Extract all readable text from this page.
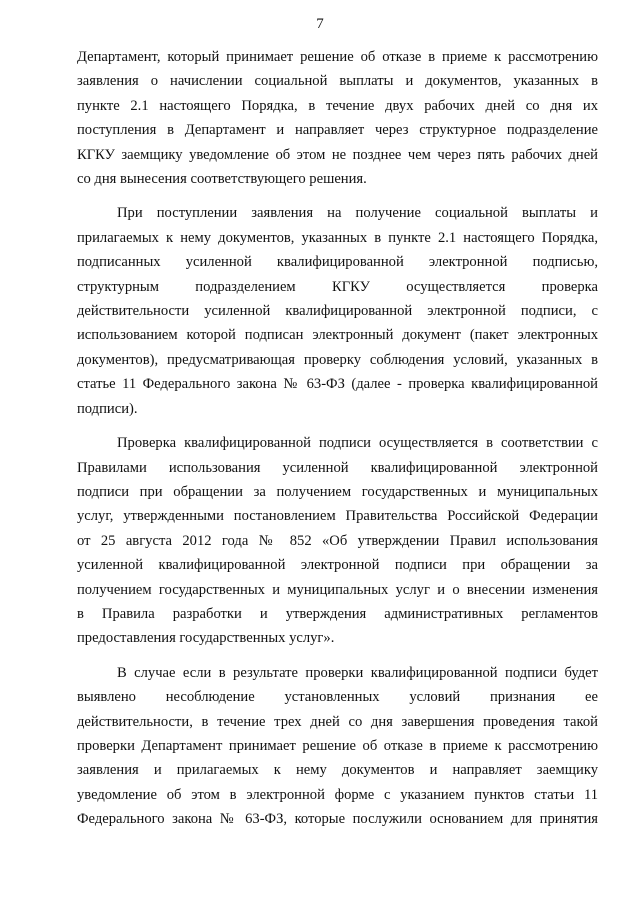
7

Департамент, который принимает решение об отказе в приеме к рассмотрению
заявления о начислении социальной выплаты и документов, указанных в
пункте 2.1 настоящего Порядка, в течение двух рабочих дней со дня их
поступления в Департамент и направляет через структурное подразделение
КГКУ заемщику уведомление об этом не позднее чем через пять рабочих дней
со дня вынесения соответствующего решения.

При поступлении заявления на получение социальной выплаты и
прилагаемых к нему документов, указанных в пункте 2.1 настоящего Порядка,
подписанных усиленной квалифицированной электронной подписью,
структурным подразделением КГКУ осуществляется проверка
действительности усиленной квалифицированной электронной подписи, с
использованием которой подписан электронный документ (пакет электронных
документов), предусматривающая проверку соблюдения условий, указанных в
статье 11 Федерального закона № 63-ФЗ (далее - проверка квалифицированной
подписи).

Проверка квалифицированной подписи осуществляется в соответствии с
Правилами использования усиленной квалифицированной электронной
подписи при обращении за получением государственных и муниципальных
услуг, утвержденными постановлением Правительства Российской Федерации
от 25 августа 2012 года № 852 «Об утверждении Правил использования
усиленной квалифицированной электронной подписи при обращении за
получением государственных и муниципальных услуг и о внесении изменения
в Правила разработки и утверждения административных регламентов
предоставления государственных услуг».

В случае если в результате проверки квалифицированной подписи будет
выявлено несоблюдение установленных условий признания ее
действительности, в течение трех дней со дня завершения проведения такой
проверки Департамент принимает решение об отказе в приеме к рассмотрению
заявления и прилагаемых к нему документов и направляет заемщику
уведомление об этом в электронной форме с указанием пунктов статьи 11
Федерального закона № 63-ФЗ, которые послужили основанием для принятия
